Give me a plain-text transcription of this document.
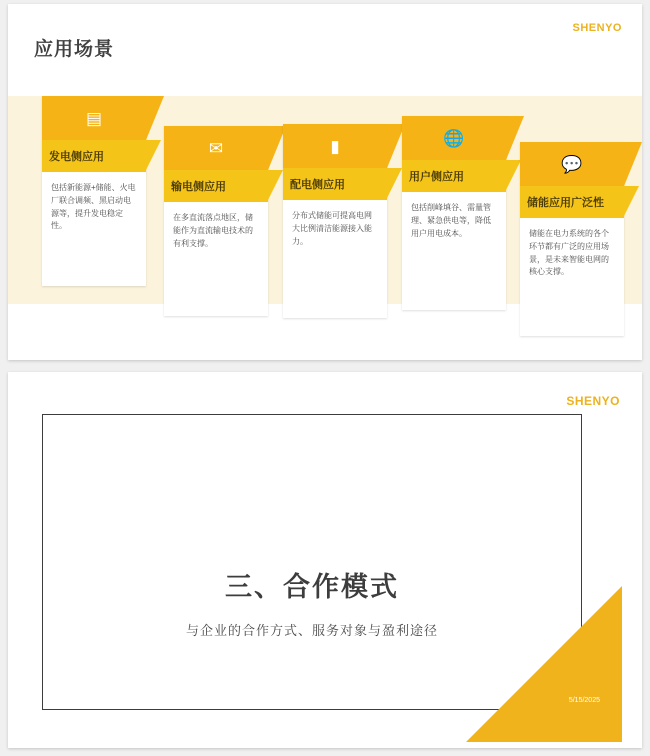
SHENYO
应用场景
▤
发电侧应用
包括新能源+储能、火电厂联合调频、黑启动电源等，提升发电稳定性。
✉
输电侧应用
在多直流落点地区，储能作为直流输电技术的有利支撑。
▮
配电侧应用
分布式储能可提高电网大比例清洁能源接入能力。
🌐
用户侧应用
包括削峰填谷、需量管理、紧急供电等，降低用户用电成本。
💬
储能应用广泛性
储能在电力系统的各个环节都有广泛的应用场景，是未来智能电网的核心支撑。
SHENYO
三、合作模式
与企业的合作方式、服务对象与盈利途径
5/15/2025
